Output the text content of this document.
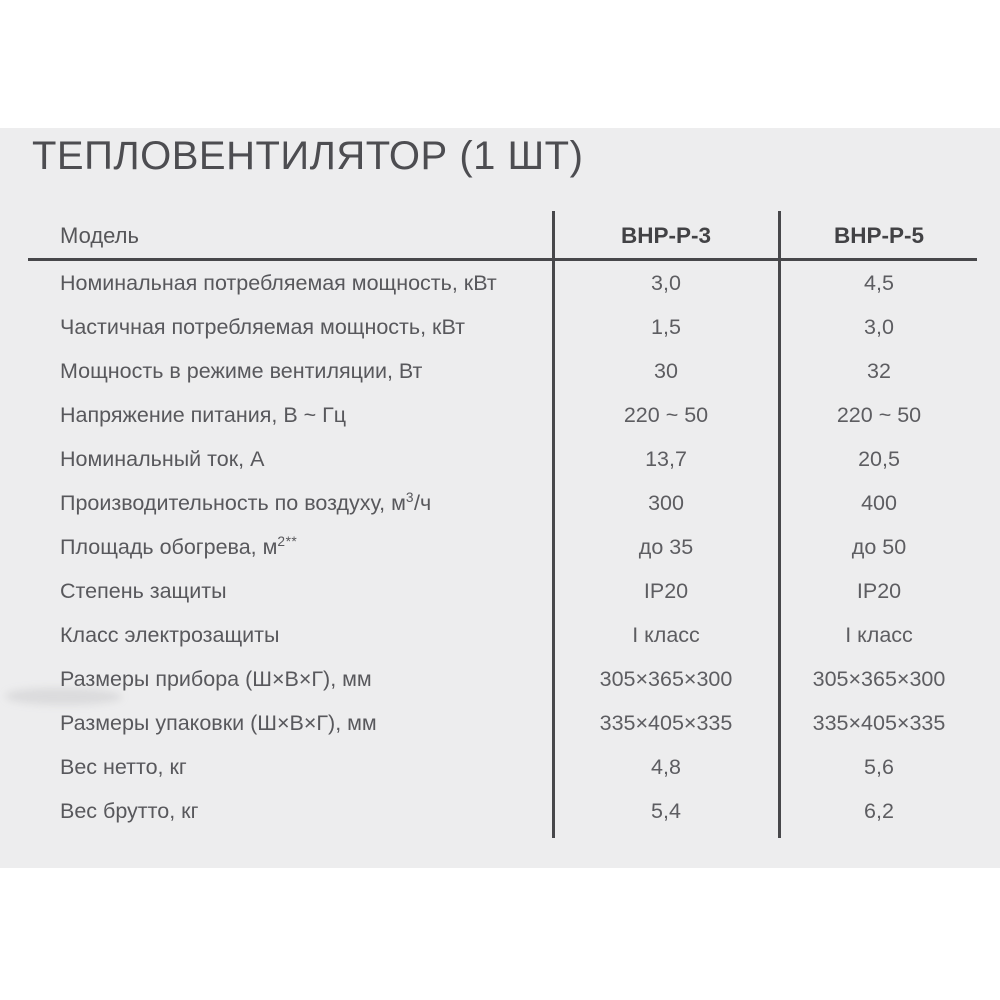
ТЕПЛОВЕНТИЛЯТОР (1 ШТ)
Модель	ВНР-Р-3	ВНР-Р-5
Номинальная потребляемая мощность, кВт	3,0	4,5
Частичная потребляемая мощность, кВт	1,5	3,0
Мощность в режиме вентиляции, Вт	30	32
Напряжение питания, В ~ Гц	220 ~ 50	220 ~ 50
Номинальный ток, А	13,7	20,5
Производительность по воздуху, $м^3/ч$	300	400
Площадь обогрева, $м^{2**}$	до 35	до 50
Степень защиты	IP20	IP20
Класс электрозащиты	I класс	I класс
Размеры прибора (Ш×В×Г), мм	305×365×300	305×365×300
Размеры упаковки (Ш×В×Г), мм	335×405×335	335×405×335
Вес нетто, кг	4,8	5,6
Вес брутто, кг	5,4	6,2
